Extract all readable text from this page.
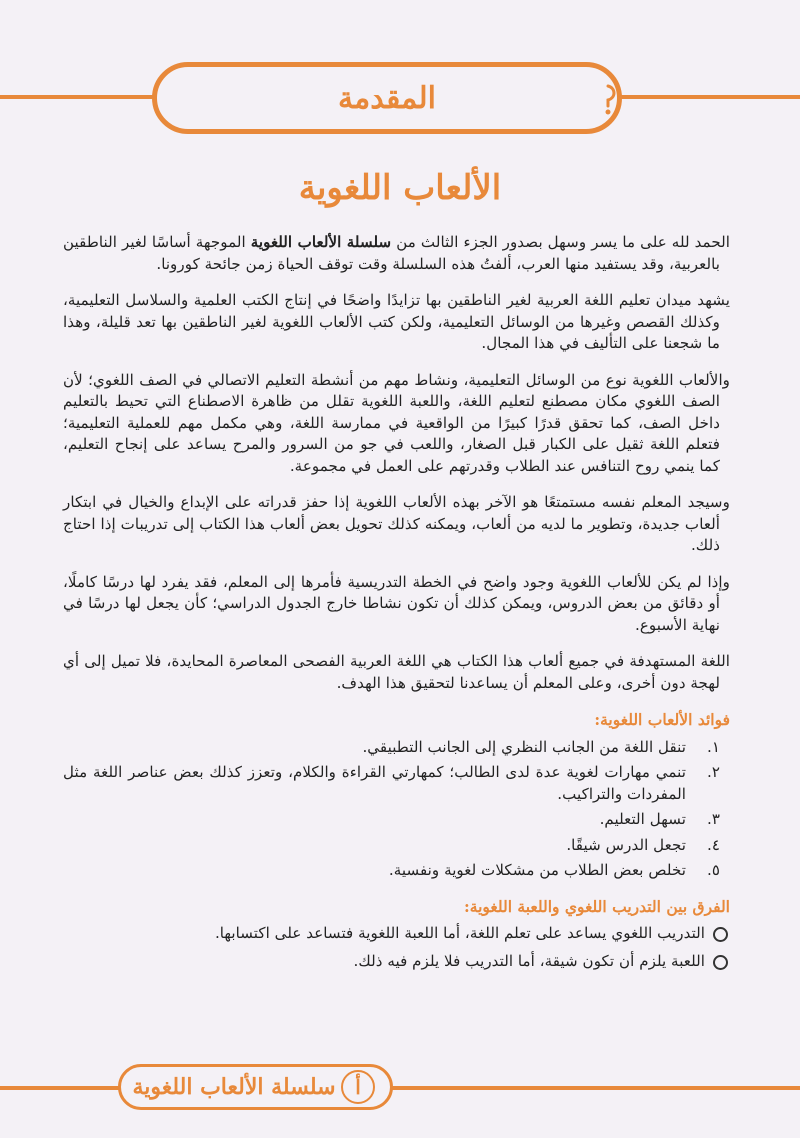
المقدمة
الألعاب اللغوية

الحمد لله على ما يسر وسهل بصدور الجزء الثالث من سلسلة الألعاب اللغوية الموجهة أساسًا لغير الناطقين بالعربية، وقد يستفيد منها العرب، ألفتُ هذه السلسلة وقت توقف الحياة زمن جائحة كورونا.

يشهد ميدان تعليم اللغة العربية لغير الناطقين بها تزايدًا واضحًا في إنتاج الكتب العلمية والسلاسل التعليمية، وكذلك القصص وغيرها من الوسائل التعليمية، ولكن كتب الألعاب اللغوية لغير الناطقين بها تعد قليلة، وهذا ما شجعنا على التأليف في هذا المجال.

والألعاب اللغوية نوع من الوسائل التعليمية، ونشاط مهم من أنشطة التعليم الاتصالي في الصف اللغوي؛ لأن الصف اللغوي مكان مصطنع لتعليم اللغة، واللعبة اللغوية تقلل من ظاهرة الاصطناع التي تحيط بالتعليم داخل الصف، كما تحقق قدرًا كبيرًا من الواقعية في ممارسة اللغة، وهي مكمل مهم للعملية التعليمية؛ فتعلم اللغة ثقيل على الكبار قبل الصغار، واللعب في جو من السرور والمرح يساعد على إنجاح التعليم، كما ينمي روح التنافس عند الطلاب وقدرتهم على العمل في مجموعة.

وسيجد المعلم نفسه مستمتعًا هو الآخر بهذه الألعاب اللغوية إذا حفز قدراته على الإبداع والخيال في ابتكار ألعاب جديدة، وتطوير ما لديه من ألعاب، ويمكنه كذلك تحويل بعض ألعاب هذا الكتاب إلى تدريبات إذا احتاج ذلك.

وإذا لم يكن للألعاب اللغوية وجود واضح في الخطة التدريسية فأمرها إلى المعلم، فقد يفرد لها درسًا كاملًا، أو دقائق من بعض الدروس، ويمكن كذلك أن تكون نشاطا خارج الجدول الدراسي؛ كأن يجعل لها درسًا في نهاية الأسبوع.

اللغة المستهدفة في جميع ألعاب هذا الكتاب هي اللغة العربية الفصحى المعاصرة المحايدة، فلا تميل إلى أي لهجة دون أخرى، وعلى المعلم أن يساعدنا لتحقيق هذا الهدف.

فوائد الألعاب اللغوية:
١.
تنقل اللغة من الجانب النظري إلى الجانب التطبيقي.
٢.
تنمي مهارات لغوية عدة لدى الطالب؛ كمهارتي القراءة والكلام، وتعزز كذلك بعض عناصر اللغة مثل المفردات والتراكيب.
٣.
تسهل التعليم.
٤.
تجعل الدرس شيقًا.
٥.
تخلص بعض الطلاب من مشكلات لغوية ونفسية.
الفرق بين التدريب اللغوي واللعبة اللغوية:
التدريب اللغوي يساعد على تعلم اللغة، أما اللعبة اللغوية فتساعد على اكتسابها.
اللعبة يلزم أن تكون شيقة، أما التدريب فلا يلزم فيه ذلك.
سلسلة الألعاب اللغوية أ
